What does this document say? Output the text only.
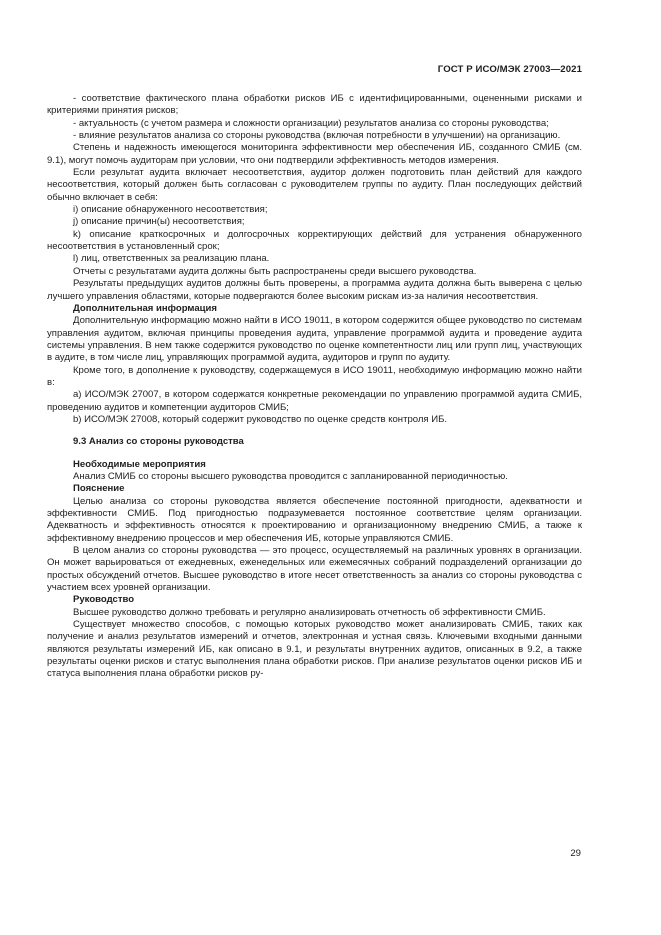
ГОСТ Р ИСО/МЭК 27003—2021

- соответствие фактического плана обработки рисков ИБ с идентифицированными, оцененными рисками и критериями принятия рисков;

- актуальность (с учетом размера и сложности организации) результатов анализа со стороны руководства;

- влияние результатов анализа со стороны руководства (включая потребности в улучшении) на организацию.

Степень и надежность имеющегося мониторинга эффективности мер обеспечения ИБ, созданного СМИБ (см. 9.1), могут помочь аудиторам при условии, что они подтвердили эффективность методов измерения.

Если результат аудита включает несоответствия, аудитор должен подготовить план действий для каждого несоответствия, который должен быть согласован с руководителем группы по аудиту. План последующих действий обычно включает в себя:

i) описание обнаруженного несоответствия;

j) описание причин(ы) несоответствия;

k) описание краткосрочных и долгосрочных корректирующих действий для устранения обнаруженного несоответствия в установленный срок;

l) лиц, ответственных за реализацию плана.

Отчеты с результатами аудита должны быть распространены среди высшего руководства.

Результаты предыдущих аудитов должны быть проверены, а программа аудита должна быть выверена с целью лучшего управления областями, которые подвергаются более высоким рискам из-за наличия несоответствия.

Дополнительная информация

Дополнительную информацию можно найти в ИСО 19011, в котором содержится общее руководство по системам управления аудитом, включая принципы проведения аудита, управление программой аудита и проведение аудита системы управления. В нем также содержится руководство по оценке компетентности лиц или групп лиц, участвующих в аудите, в том числе лиц, управляющих программой аудита, аудиторов и групп по аудиту.

Кроме того, в дополнение к руководству, содержащемуся в ИСО 19011, необходимую информацию можно найти в:

a) ИСО/МЭК 27007, в котором содержатся конкретные рекомендации по управлению программой аудита СМИБ, проведению аудитов и компетенции аудиторов СМИБ;

b) ИСО/МЭК 27008, который содержит руководство по оценке средств контроля ИБ.

9.3 Анализ со стороны руководства

Необходимые мероприятия

Анализ СМИБ со стороны высшего руководства проводится с запланированной периодичностью.

Пояснение

Целью анализа со стороны руководства является обеспечение постоянной пригодности, адекватности и эффективности СМИБ. Под пригодностью подразумевается постоянное соответствие целям организации. Адекватность и эффективность относятся к проектированию и организационному внедрению СМИБ, а также к эффективному внедрению процессов и мер обеспечения ИБ, которые управляются СМИБ.

В целом анализ со стороны руководства — это процесс, осуществляемый на различных уровнях в организации. Он может варьироваться от ежедневных, еженедельных или ежемесячных собраний подразделений организации до простых обсуждений отчетов. Высшее руководство в итоге несет ответственность за анализ со стороны руководства с участием всех уровней организации.

Руководство

Высшее руководство должно требовать и регулярно анализировать отчетность об эффективности СМИБ.

Существует множество способов, с помощью которых руководство может анализировать СМИБ, таких как получение и анализ результатов измерений и отчетов, электронная и устная связь. Ключевыми входными данными являются результаты измерений ИБ, как описано в 9.1, и результаты внутренних аудитов, описанных в 9.2, а также результаты оценки рисков и статус выполнения плана обработки рисков. При анализе результатов оценки рисков ИБ и статуса выполнения плана обработки рисков ру-

29
